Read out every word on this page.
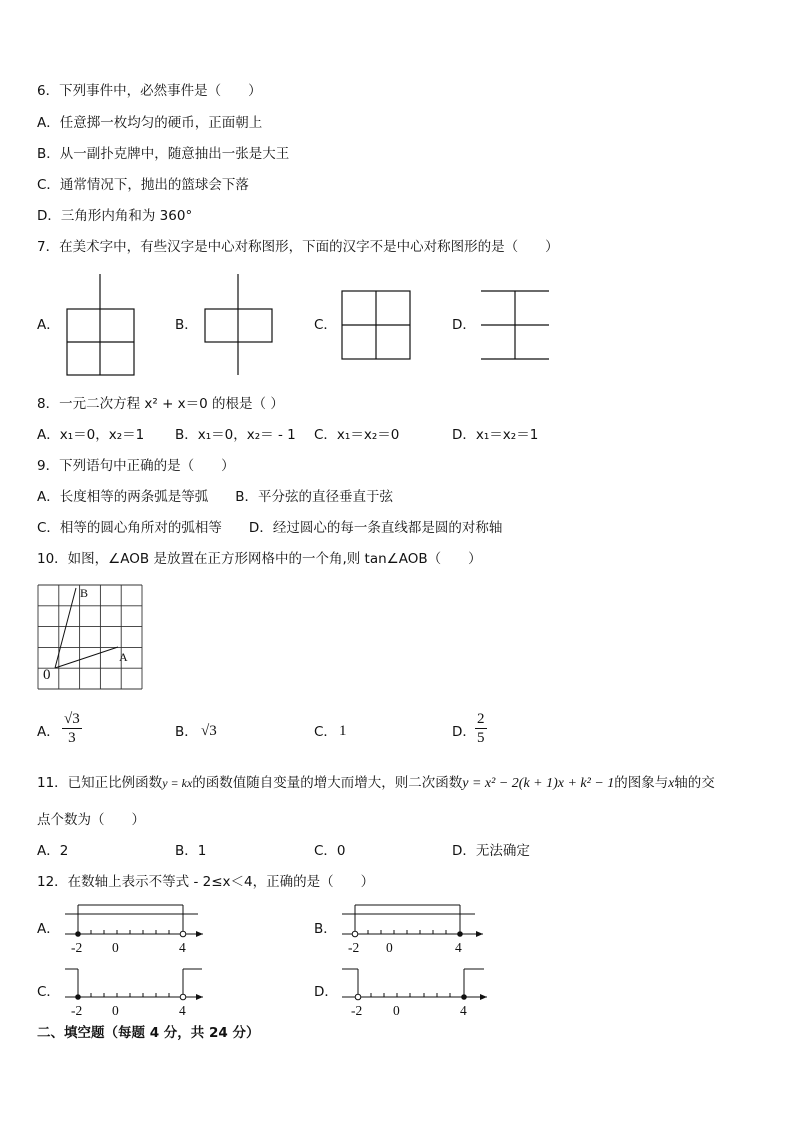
6．下列事件中，必然事件是（　　）
A．任意掷一枚均匀的硬币，正面朝上
B．从一副扑克牌中，随意抽出一张是大王
C．通常情况下，抛出的篮球会下落
D．三角形内角和为 360°
7．在美术字中，有些汉字是中心对称图形，下面的汉字不是中心对称图形的是（　　）
A．	B．	C．	D．
8．一元二次方程 x² + x＝0 的根是（ ）
A．x₁＝0，x₂＝1 B．x₁＝0，x₂＝ - 1 C．x₁＝x₂＝0	D．x₁＝x₂＝1
9．下列语句中正确的是（　　）
A．长度相等的两条弧是等弧　　B．平分弦的直径垂直于弦
C．相等的圆心角所对的弧相等　　D．经过圆心的每一条直线都是圆的对称轴
10．如图，∠AOB 是放置在正方形网格中的一个角,则 tan∠AOB（　　）
B
A
0
A． $\frac{√3}{3}$	B． √3	C． 1	D． $\frac{2}{5}$
11．已知正比例函数y = kx的函数值随自变量的增大而增大，则二次函数y = x² − 2(k + 1)x + k² − 1的图象与x轴的交
点个数为（　　）
A．2	B．1	C．0	D．无法确定
12．在数轴上表示不等式 - 2≤x＜4，正确的是（　　）
A．
-2 0	4
B．
-2 0	4
C．
-2 0	4
D．
-2 0	4
二、填空题（每题 4 分，共 24 分）
